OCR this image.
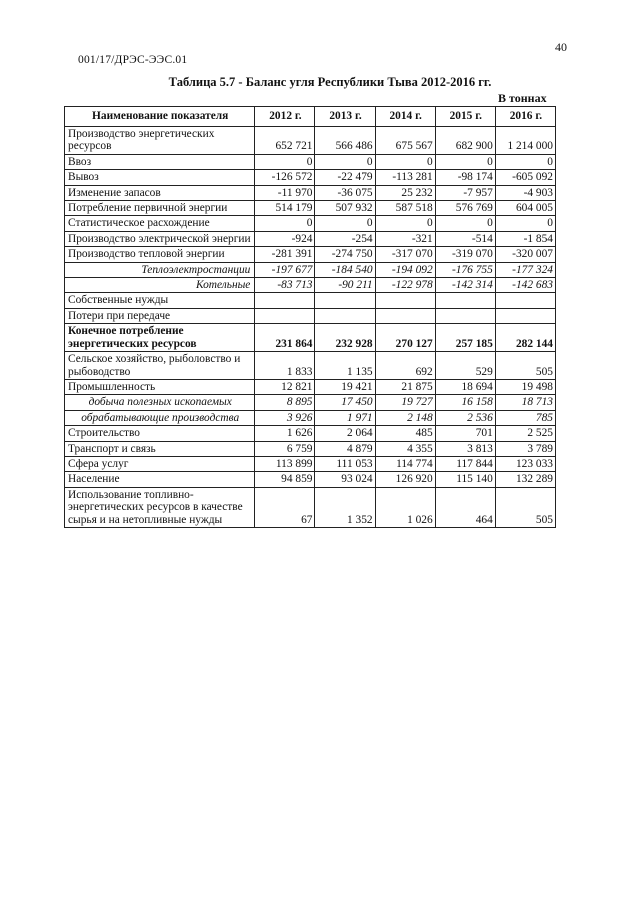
40
001/17/ДРЭС-ЭЭС.01
Таблица 5.7 - Баланс угля Республики Тыва 2012-2016 гг.
В тоннах
Наименование показателя	2012 г.	2013 г.	2014 г.	2015 г.	2016 г.
Производство энергетических ресурсов	652 721	566 486	675 567	682 900	1 214 000
Ввоз	0	0	0	0	0
Вывоз	-126 572	-22 479	-113 281	-98 174	-605 092
Изменение запасов	-11 970	-36 075	25 232	-7 957	-4 903
Потребление первичной энергии	514 179	507 932	587 518	576 769	604 005
Статистическое расхождение	0	0	0	0	0
Производство электрической энергии	-924	-254	-321	-514	-1 854
Производство тепловой энергии	-281 391	-274 750	-317 070	-319 070	-320 007
Теплоэлектростанции	-197 677	-184 540	-194 092	-176 755	-177 324
Котельные	-83 713	-90 211	-122 978	-142 314	-142 683
Собственные нужды					
Потери при передаче					
Конечное потребление энергетических ресурсов	231 864	232 928	270 127	257 185	282 144
Сельское хозяйство, рыболовство и рыбоводство	1 833	1 135	692	529	505
Промышленность	12 821	19 421	21 875	18 694	19 498
добыча полезных ископаемых	8 895	17 450	19 727	16 158	18 713
обрабатывающие производства	3 926	1 971	2 148	2 536	785
Строительство	1 626	2 064	485	701	2 525
Транспорт и связь	6 759	4 879	4 355	3 813	3 789
Сфера услуг	113 899	111 053	114 774	117 844	123 033
Население	94 859	93 024	126 920	115 140	132 289
Использование топливно-энергетических ресурсов в качестве сырья и на нетопливные нужды	67	1 352	1 026	464	505
